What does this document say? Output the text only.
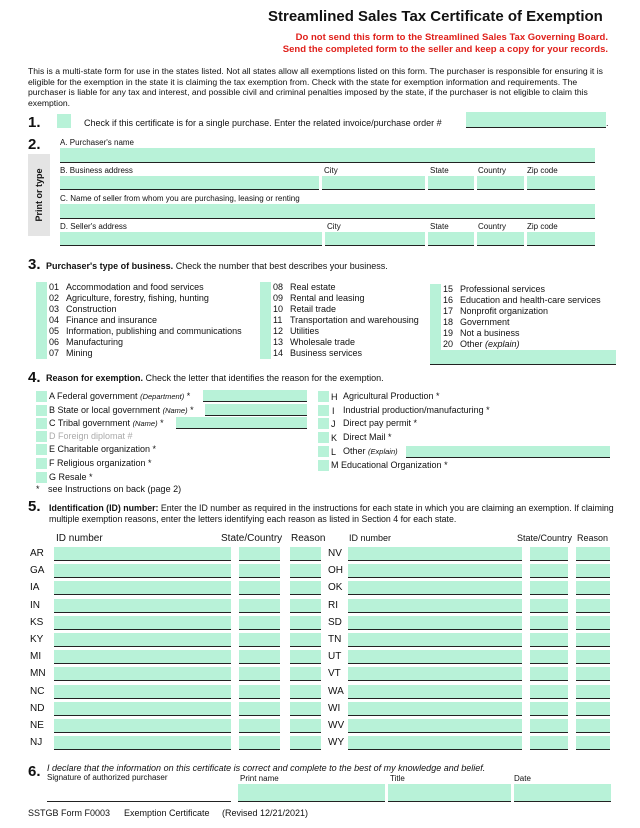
Streamlined Sales Tax Certificate of Exemption
Do not send this form to the Streamlined Sales Tax Governing Board.
Send the completed form to the seller and keep a copy for your records.
This is a multi-state form for use in the states listed. Not all states allow all exemptions listed on this form. The purchaser is responsible for ensuring it is eligible for the exemption in the state it is claiming the tax exemption from. Check with the state for exemption information and requirements. The purchaser is liable for any tax and interest, and possible civil and criminal penalties imposed by the state, if the purchaser is not eligible to claim this exemption.
1.	Check if this certificate is for a single purchase. Enter the related invoice/purchase order #	.
2.
Print or type
A. Purchaser's name
B. Business address	City	State	Country	Zip code
C. Name of seller from whom you are purchasing, leasing or renting
D. Seller's address	City	State	Country	Zip code
3. Purchaser's type of business. Check the number that best describes your business.
01 Accommodation and food services
02 Agriculture, forestry, fishing, hunting
03 Construction
04 Finance and insurance
05 Information, publishing and communications
06 Manufacturing
07 Mining
08 Real estate
09 Rental and leasing
10 Retail trade
11 Transportation and warehousing
12 Utilities
13 Wholesale trade
14 Business services
15 Professional services
16 Education and health-care services
17 Nonprofit organization
18 Government
19 Not a business
20 Other (explain)
4. Reason for exemption. Check the letter that identifies the reason for the exemption.
A Federal government (Department) *
B State or local government (Name) *
C Tribal government (Name) *
D Foreign diplomat #
E Charitable organization *
F Religious organization *
G Resale *
* see Instructions on back (page 2)
H Agricultural Production *
I Industrial production/manufacturing *
J Direct pay permit *
K Direct Mail *
L Other (Explain)
M Educational Organization *
5. Identification (ID) number: Enter the ID number as required in the instructions for each state in which you are claiming an exemption. If claiming multiple exemption reasons, enter the letters identifying each reason as listed in Section 4 for each state.
ID number	State/Country Reason	ID number	State/Country Reason
AR
GA
IA
IN
KS
KY
MI
MN
NC
ND
NE
NJ
NV
OH
OK
RI
SD
TN
UT
VT
WA
WI
WV
WY
6. I declare that the information on this certificate is correct and complete to the best of my knowledge and belief.
Signature of authorized purchaser	Print name	Title	Date
SSTGB Form F0003 Exemption Certificate (Revised 12/21/2021)
